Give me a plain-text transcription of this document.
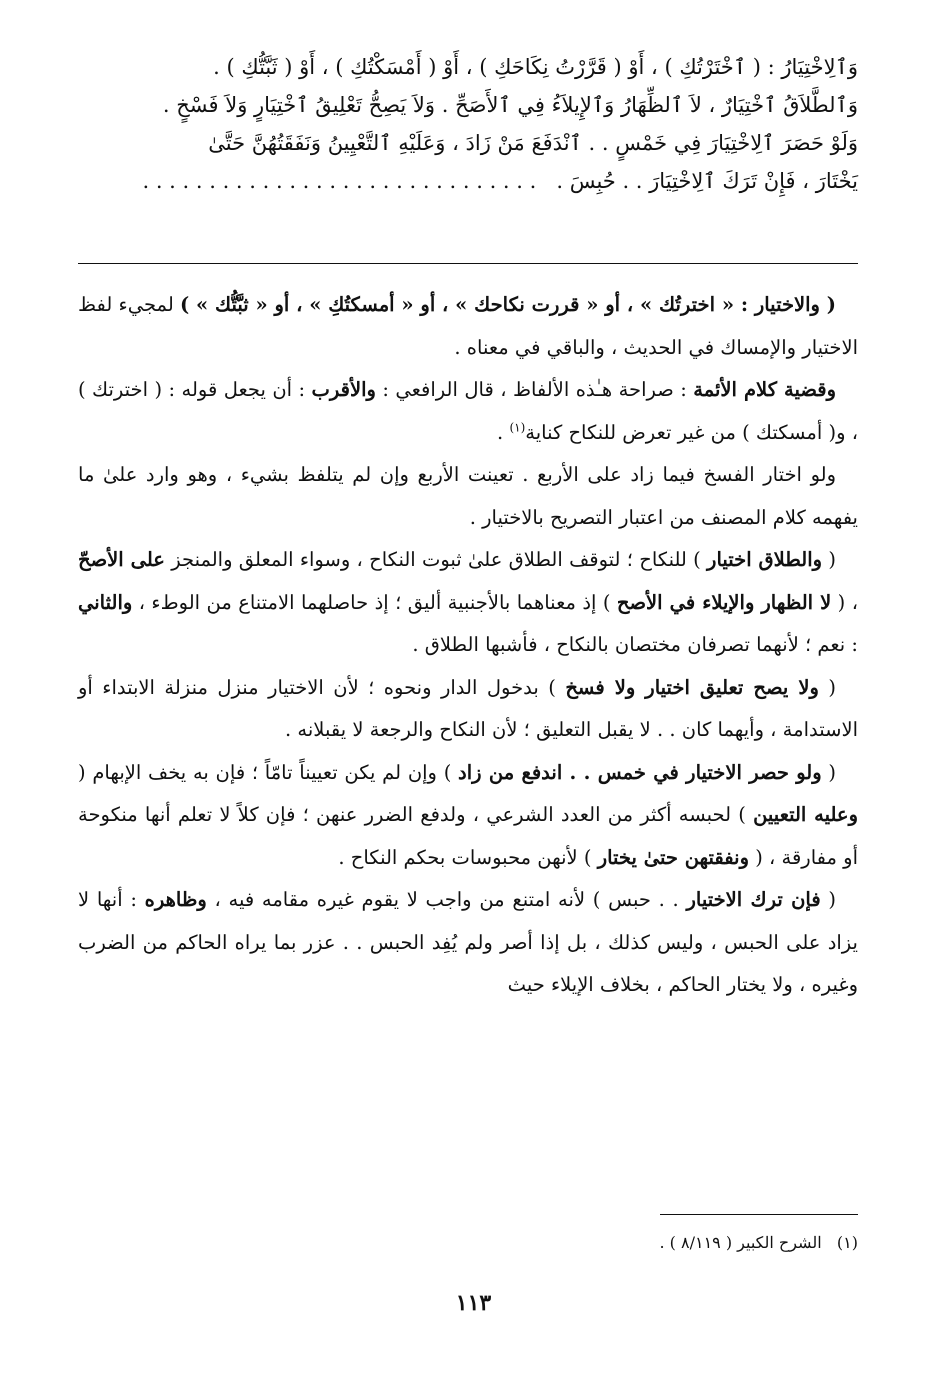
وَٱلِاخْتِيَارُ : ( ٱخْتَرْتُكِ ) ، أَوْ ( قَرَّرْتُ نِكَاحَكِ ) ، أَوْ ( أَمْسَكْتُكِ ) ، أَوْ ( ثَبَّتُّكِ ) .
وَٱلطَّلاَقُ ٱخْتِيَارٌ ، لاَ ٱلظِّهَارُ وَٱلإِيلاَءُ فِي ٱلأَصَحِّ . وَلاَ يَصِحُّ تَعْلِيقُ ٱخْتِيَارٍ وَلاَ فَسْخٍ .
وَلَوْ حَصَرَ ٱلِاخْتِيَارَ فِي خَمْسٍ . . ٱنْدَفَعَ مَنْ زَادَ ، وَعَلَيْهِ ٱلتَّعْيِينُ وَنَفَقَتُهُنَّ حَتَّىٰ
يَخْتَارَ ، فَإِنْ تَرَكَ ٱلِاخْتِيَارَ . . حُبِسَ .   . . . . . . . . . . . . . . . . . . . . . . . . . . . . . .

( والاختيار : « اخترتُك » ، أو « قررت نكاحك » ، أو « أمسكتُكِ » ، أو « ثبَّتُّك » ) لمجيء لفظ الاختيار والإمساك في الحديث ، والباقي في معناه .

وقضية كلام الأئمة : صراحة هـٰذه الألفاظ ، قال الرافعي : والأقرب : أن يجعل قوله : ( اخترتك ) ، و( أمسكتك ) من غير تعرض للنكاح كناية$^{(١)}$ .

ولو اختار الفسخ فيما زاد على الأربع . تعينت الأربع وإن لم يتلفظ بشيء ، وهو وارد علىٰ ما يفهمه كلام المصنف من اعتبار التصريح بالاختيار .

( والطلاق اختيار ) للنكاح ؛ لتوقف الطلاق علىٰ ثبوت النكاح ، وسواء المعلق والمنجز على الأصحّ ، ( لا الظهار والإيلاء في الأصح ) إذ معناهما بالأجنبية أليق ؛ إذ حاصلهما الامتناع من الوطء ، والثاني : نعم ؛ لأنهما تصرفان مختصان بالنكاح ، فأشبها الطلاق .

( ولا يصح تعليق اختيار ولا فسخ ) بدخول الدار ونحوه ؛ لأن الاختيار منزل منزلة الابتداء أو الاستدامة ، وأيهما كان . . لا يقبل التعليق ؛ لأن النكاح والرجعة لا يقبلانه .

( ولو حصر الاختيار في خمس . . اندفع من زاد ) وإن لم يكن تعييناً تامّاً ؛ فإن به يخف الإبهام ( وعليه التعيين ) لحبسه أكثر من العدد الشرعي ، ولدفع الضرر عنهن ؛ فإن كلاً لا تعلم أنها منكوحة أو مفارقة ، ( ونفقتهن حتىٰ يختار ) لأنهن محبوسات بحكم النكاح .

( فإن ترك الاختيار . . حبس ) لأنه امتنع من واجب لا يقوم غيره مقامه فيه ، وظاهره : أنها لا يزاد على الحبس ، وليس كذلك ، بل إذا أصر ولم يُفِد الحبس . . عزر بما يراه الحاكم من الضرب وغيره ، ولا يختار الحاكم ، بخلاف الإيلاء حيث

(١)   الشرح الكبير ( ٨/١١٩ ) .
١١٣
